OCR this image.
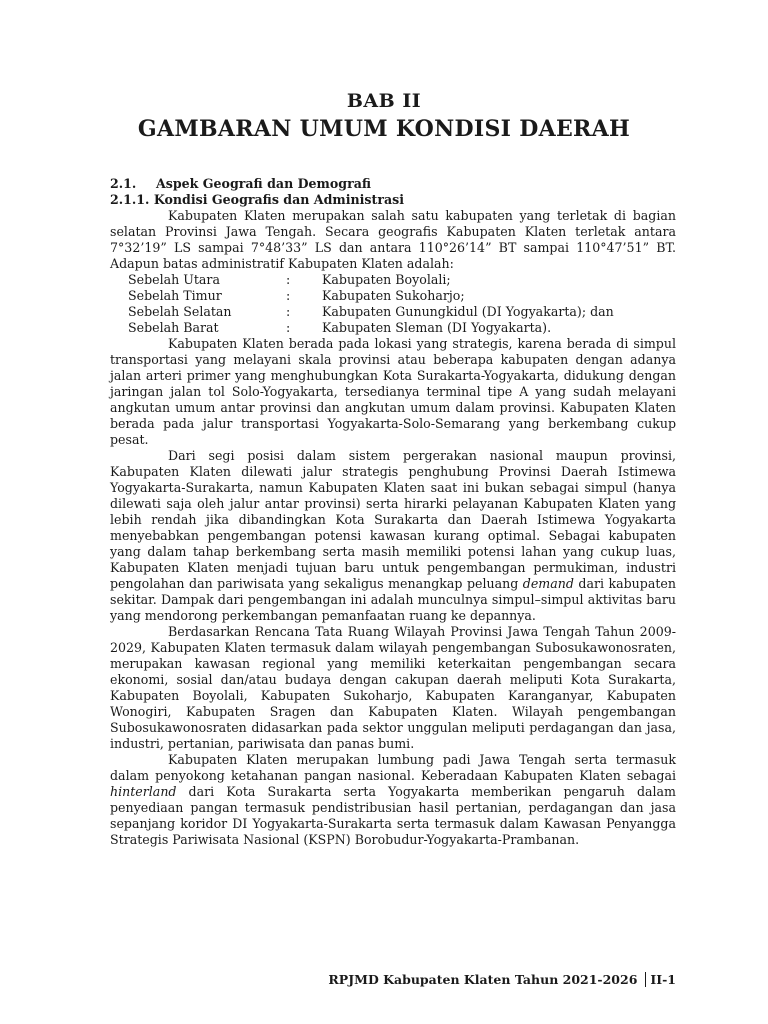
BAB II
GAMBARAN UMUM KONDISI DAERAH

2.1. Aspek Geografi dan Demografi

2.1.1. Kondisi Geografis dan Administrasi

Kabupaten Klaten merupakan salah satu kabupaten yang terletak di bagian selatan Provinsi Jawa Tengah. Secara geografis Kabupaten Klaten terletak antara 7°32’19” LS sampai 7°48’33” LS dan antara 110°26’14” BT sampai 110°47’51” BT. Adapun batas administratif Kabupaten Klaten adalah:

Sebelah Utara	:	Kabupaten Boyolali;
Sebelah Timur	:	Kabupaten Sukoharjo;
Sebelah Selatan	:	Kabupaten Gunungkidul (DI Yogyakarta); dan
Sebelah Barat	:	Kabupaten Sleman (DI Yogyakarta).

Kabupaten Klaten berada pada lokasi yang strategis, karena berada di simpul transportasi yang melayani skala provinsi atau beberapa kabupaten dengan adanya jalan arteri primer yang menghubungkan Kota Surakarta-Yogyakarta, didukung dengan jaringan jalan tol Solo-Yogyakarta, tersedianya terminal tipe A yang sudah melayani angkutan umum antar provinsi dan angkutan umum dalam provinsi. Kabupaten Klaten berada pada jalur transportasi Yogyakarta-Solo-Semarang yang berkembang cukup pesat.

Dari segi posisi dalam sistem pergerakan nasional maupun provinsi, Kabupaten Klaten dilewati jalur strategis penghubung Provinsi Daerah Istimewa Yogyakarta-Surakarta, namun Kabupaten Klaten saat ini bukan sebagai simpul (hanya dilewati saja oleh jalur antar provinsi) serta hirarki pelayanan Kabupaten Klaten yang lebih rendah jika dibandingkan Kota Surakarta dan Daerah Istimewa Yogyakarta menyebabkan pengembangan potensi kawasan kurang optimal. Sebagai kabupaten yang dalam tahap berkembang serta masih memiliki potensi lahan yang cukup luas, Kabupaten Klaten menjadi tujuan baru untuk pengembangan permukiman, industri pengolahan dan pariwisata yang sekaligus menangkap peluang demand dari kabupaten sekitar. Dampak dari pengembangan ini adalah munculnya simpul–simpul aktivitas baru yang mendorong perkembangan pemanfaatan ruang ke depannya.

Berdasarkan Rencana Tata Ruang Wilayah Provinsi Jawa Tengah Tahun 2009-2029, Kabupaten Klaten termasuk dalam wilayah pengembangan Subosukawonosraten, merupakan kawasan regional yang memiliki keterkaitan pengembangan secara ekonomi, sosial dan/atau budaya dengan cakupan daerah meliputi Kota Surakarta, Kabupaten Boyolali, Kabupaten Sukoharjo, Kabupaten Karanganyar, Kabupaten Wonogiri, Kabupaten Sragen dan Kabupaten Klaten. Wilayah pengembangan Subosukawonosraten didasarkan pada sektor unggulan meliputi perdagangan dan jasa, industri, pertanian, pariwisata dan panas bumi.

Kabupaten Klaten merupakan lumbung padi Jawa Tengah serta termasuk dalam penyokong ketahanan pangan nasional. Keberadaan Kabupaten Klaten sebagai hinterland dari Kota Surakarta serta Yogyakarta memberikan pengaruh dalam penyediaan pangan termasuk pendistribusian hasil pertanian, perdagangan dan jasa sepanjang koridor DI Yogyakarta-Surakarta serta termasuk dalam Kawasan Penyangga Strategis Pariwisata Nasional (KSPN) Borobudur-Yogyakarta-Prambanan.

RPJMD Kabupaten Klaten Tahun 2021-2026 II-1
